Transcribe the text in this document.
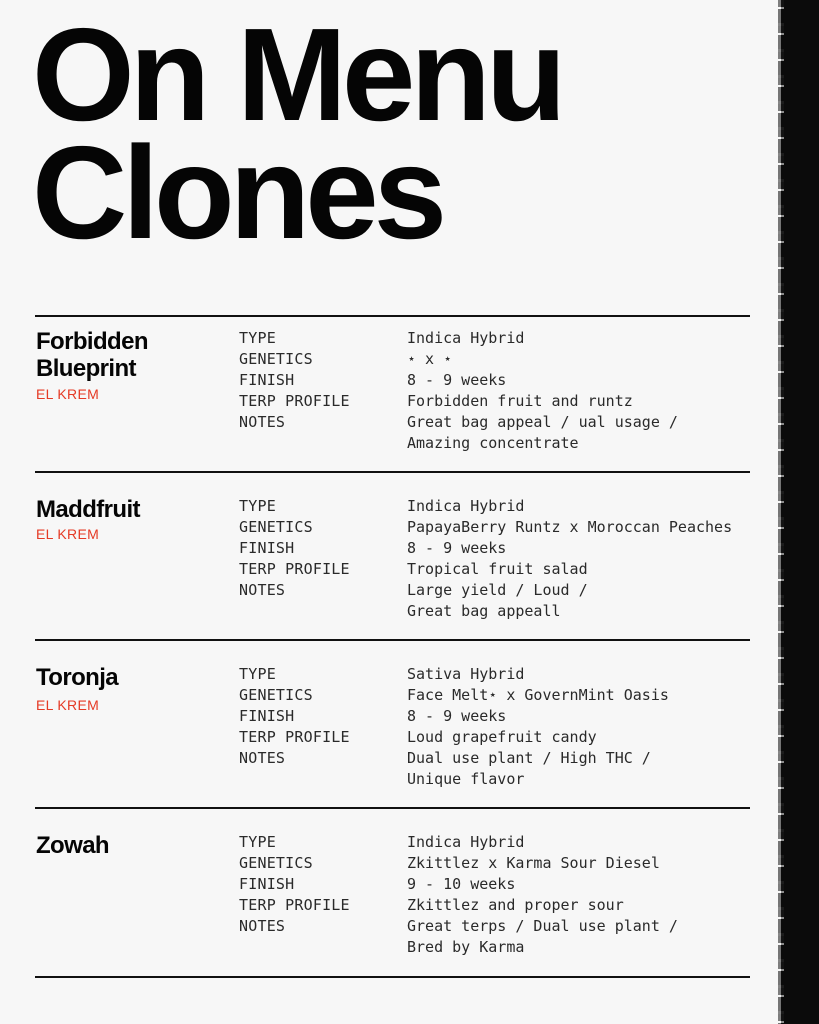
On Menu
Clones
Forbidden
Blueprint
EL KREM
TYPE
GENETICS
FINISH
TERP PROFILE
NOTES
Indica Hybrid
⋆ x ⋆
8 - 9 weeks
Forbidden fruit and runtz
Great bag appeal / ual usage /
Amazing concentrate
Maddfruit
EL KREM
TYPE
GENETICS
FINISH
TERP PROFILE
NOTES
Indica Hybrid
PapayaBerry Runtz x Moroccan Peaches
8 - 9 weeks
Tropical fruit salad
Large yield / Loud /
Great bag appeall
Toronja
EL KREM
TYPE
GENETICS
FINISH
TERP PROFILE
NOTES
Sativa Hybrid
Face Melt⋆ x GovernMint Oasis
8 - 9 weeks
Loud grapefruit candy
Dual use plant / High THC /
Unique flavor
Zowah	TYPE
GENETICS
FINISH
TERP PROFILE
NOTES
Indica Hybrid
Zkittlez x Karma Sour Diesel
9 - 10 weeks
Zkittlez and proper sour
Great terps / Dual use plant /
Bred by Karma
